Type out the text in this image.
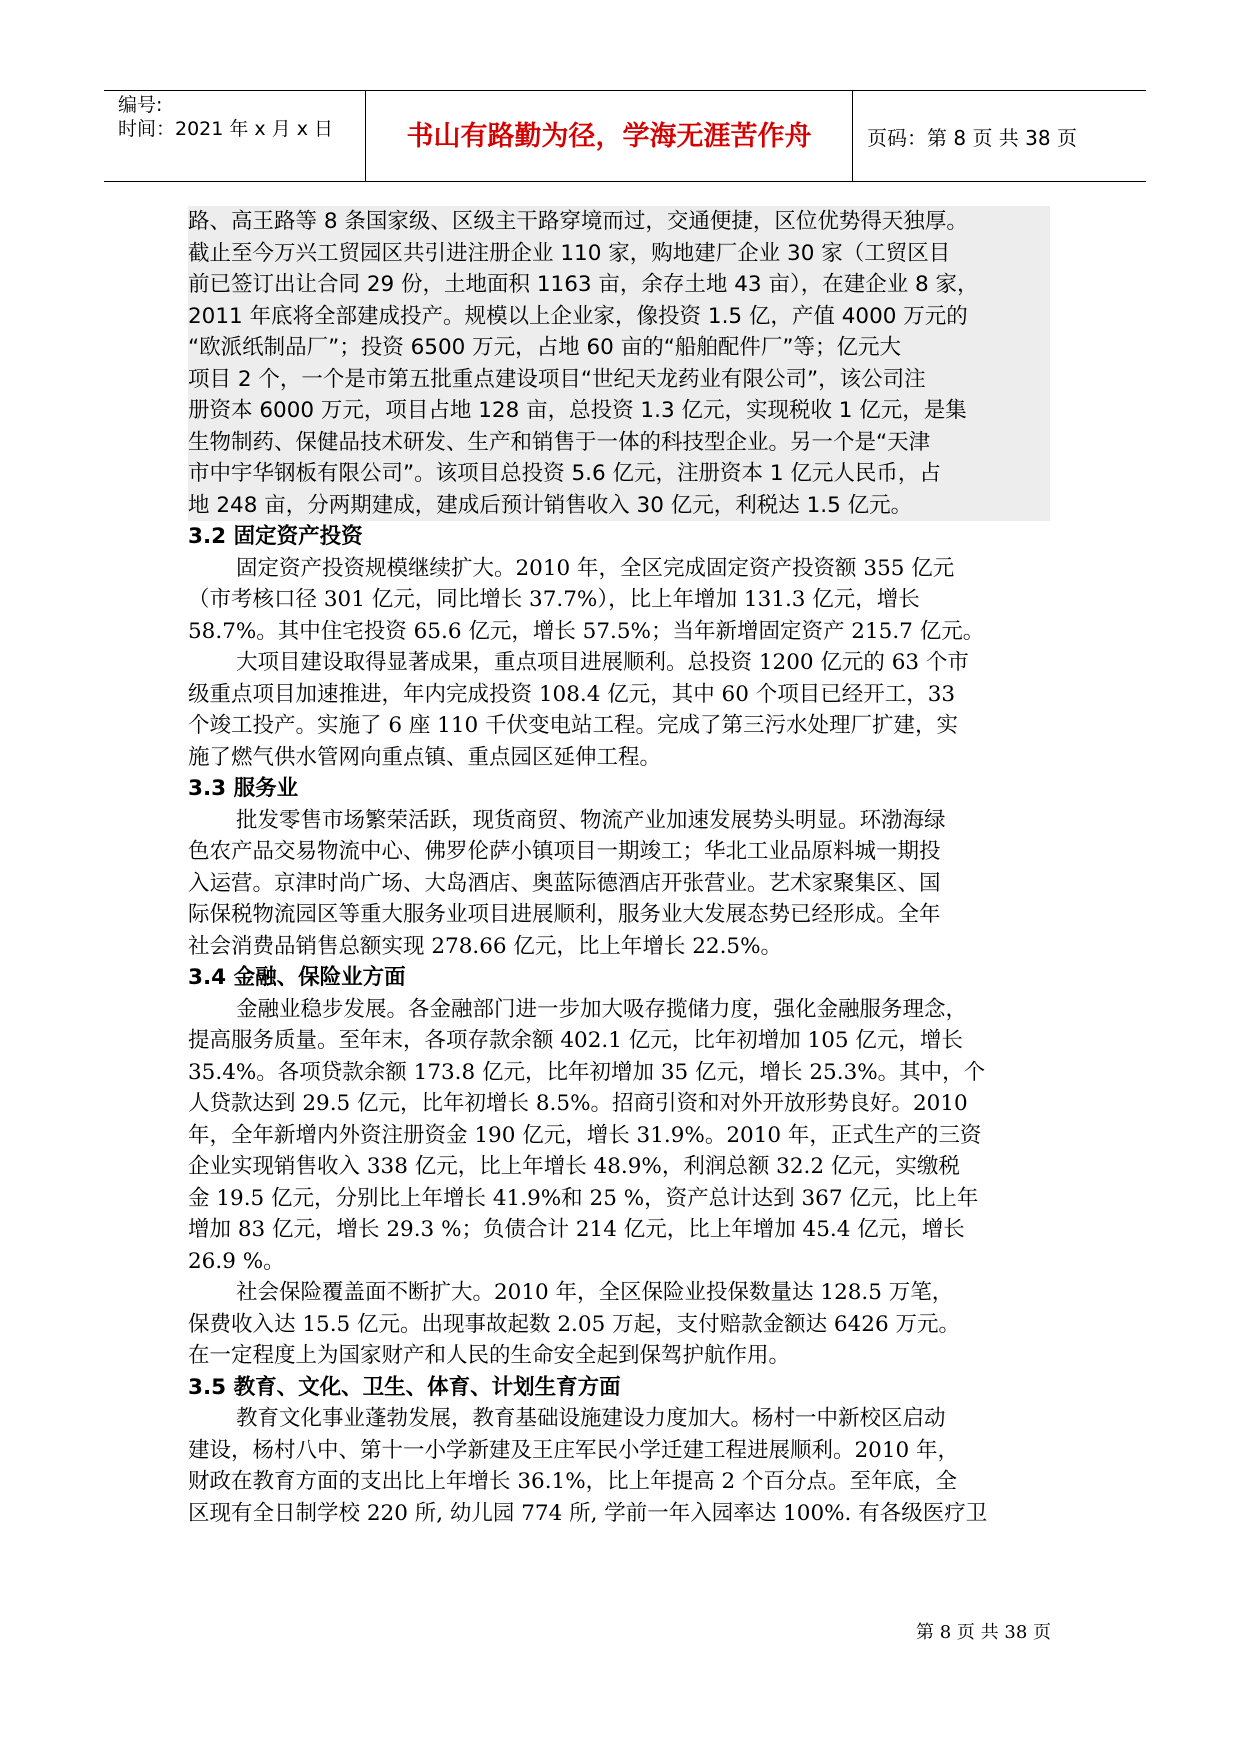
编号:
时间：2021 年 x 月 x 日	书山有路勤为径，学海无涯苦作舟	页码：第 8 页 共 38 页
路、高王路等 8 条国家级、区级主干路穿境而过，交通便捷，区位优势得天独厚。
截止至今万兴工贸园区共引进注册企业 110 家，购地建厂企业 30 家（工贸区目
前已签订出让合同 29 份，土地面积 1163 亩，余存土地 43 亩），在建企业 8 家，
2011 年底将全部建成投产。规模以上企业家，像投资 1.5 亿，产值 4000 万元的
“欧派纸制品厂”；投资 6500 万元，占地 60 亩的“船舶配件厂”等；亿元大
项目 2 个，一个是市第五批重点建设项目“世纪天龙药业有限公司”，该公司注
册资本 6000 万元，项目占地 128 亩，总投资 1.3 亿元，实现税收 1 亿元，是集
生物制药、保健品技术研发、生产和销售于一体的科技型企业。另一个是“天津
市中宇华钢板有限公司”。该项目总投资 5.6 亿元，注册资本 1 亿元人民币，占
地 248 亩，分两期建成，建成后预计销售收入 30 亿元，利税达 1.5 亿元。
3.2 固定资产投资
固定资产投资规模继续扩大。2010 年，全区完成固定资产投资额 355 亿元
（市考核口径 301 亿元，同比增长 37.7%），比上年增加 131.3 亿元，增长
58.7%。其中住宅投资 65.6 亿元，增长 57.5%；当年新增固定资产 215.7 亿元。
大项目建设取得显著成果，重点项目进展顺利。总投资 1200 亿元的 63 个市
级重点项目加速推进，年内完成投资 108.4 亿元，其中 60 个项目已经开工，33
个竣工投产。实施了 6 座 110 千伏变电站工程。完成了第三污水处理厂扩建，实
施了燃气供水管网向重点镇、重点园区延伸工程。
3.3 服务业
批发零售市场繁荣活跃，现货商贸、物流产业加速发展势头明显。环渤海绿
色农产品交易物流中心、佛罗伦萨小镇项目一期竣工；华北工业品原料城一期投
入运营。京津时尚广场、大岛酒店、奥蓝际德酒店开张营业。艺术家聚集区、国
际保税物流园区等重大服务业项目进展顺利，服务业大发展态势已经形成。全年
社会消费品销售总额实现 278.66 亿元，比上年增长 22.5%。
3.4 金融、保险业方面
金融业稳步发展。各金融部门进一步加大吸存揽储力度，强化金融服务理念，
提高服务质量。至年末，各项存款余额 402.1 亿元，比年初增加 105 亿元，增长
35.4%。各项贷款余额 173.8 亿元，比年初增加 35 亿元，增长 25.3%。其中，个
人贷款达到 29.5 亿元，比年初增长 8.5%。招商引资和对外开放形势良好。2010
年，全年新增内外资注册资金 190 亿元，增长 31.9%。2010 年，正式生产的三资
企业实现销售收入 338 亿元，比上年增长 48.9%，利润总额 32.2 亿元，实缴税
金 19.5 亿元，分别比上年增长 41.9%和 25 %，资产总计达到 367 亿元，比上年
增加 83 亿元，增长 29.3 %；负债合计 214 亿元，比上年增加 45.4 亿元，增长
26.9 %。
社会保险覆盖面不断扩大。2010 年，全区保险业投保数量达 128.5 万笔，
保费收入达 15.5 亿元。出现事故起数 2.05 万起，支付赔款金额达 6426 万元。
在一定程度上为国家财产和人民的生命安全起到保驾护航作用。
3.5 教育、文化、卫生、体育、计划生育方面
教育文化事业蓬勃发展，教育基础设施建设力度加大。杨村一中新校区启动
建设，杨村八中、第十一小学新建及王庄军民小学迁建工程进展顺利。2010 年，
财政在教育方面的支出比上年增长 36.1%，比上年提高 2 个百分点。至年底，全
区现有全日制学校 220 所, 幼儿园 774 所, 学前一年入园率达 100%. 有各级医疗卫
第 8 页 共 38 页
